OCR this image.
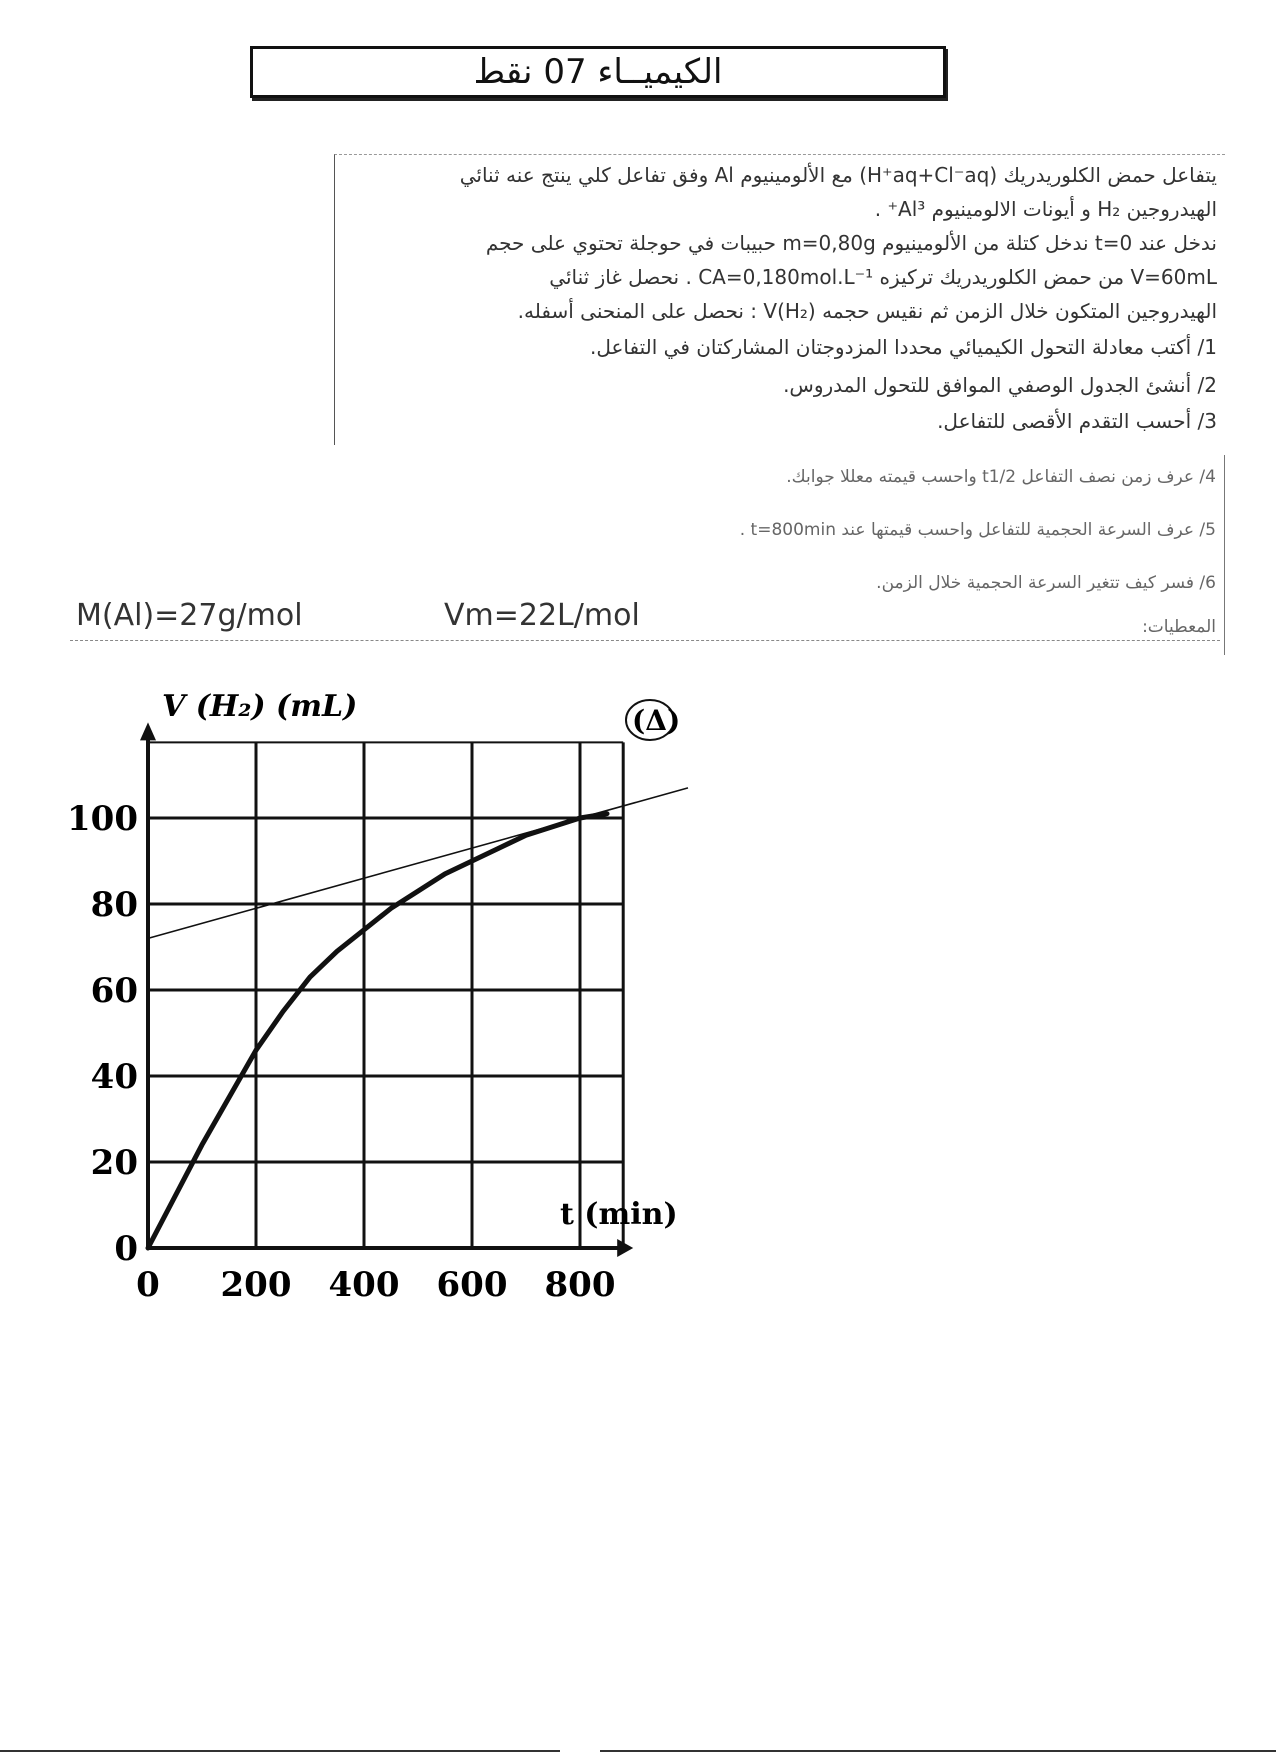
الكيميــاء 07 نقط
يتفاعل حمض الكلوريدريك (H⁺aq+Cl⁻aq) مع الألومينيوم Al وفق تفاعل كلي ينتج عنه ثنائي
الهيدروجين H₂ و أيونات الالومينيوم Al³⁺ .
ندخل عند t=0 ندخل كتلة من الألومينيوم m=0,80g حبيبات في حوجلة تحتوي على حجم
V=60mL من حمض الكلوريدريك تركيزه CA=0,180mol.L⁻¹ . نحصل غاز ثنائي
الهيدروجين المتكون خلال الزمن ثم نقيس حجمه V(H₂) : نحصل على المنحنى أسفله.
1/ أكتب معادلة التحول الكيميائي محددا المزدوجتان المشاركتان في التفاعل.
2/ أنشئ الجدول الوصفي الموافق للتحول المدروس.
3/ أحسب التقدم الأقصى للتفاعل.
4/ عرف زمن نصف التفاعل t1/2 واحسب قيمته معللا جوابك.
5/ عرف السرعة الحجمية للتفاعل واحسب قيمتها عند t=800min .
6/ فسر كيف تتغير السرعة الحجمية خلال الزمن.
المعطيات:
M(Al)=27g/mol	Vm=22L/mol
0 200 400 600 800
0
20
40
60
80
100
V (H₂) (mL)
t (min)
(Δ)
